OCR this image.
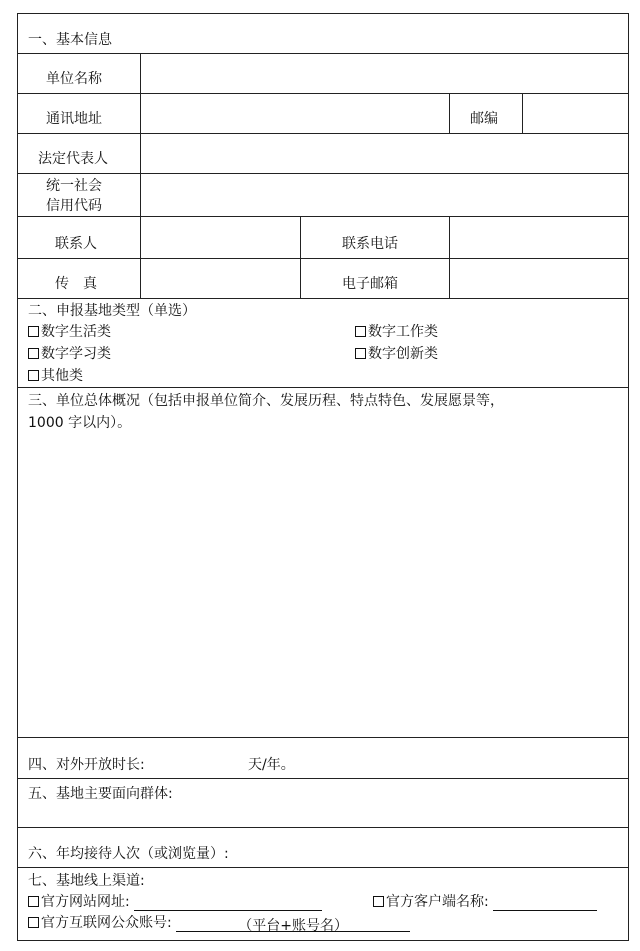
一、基本信息
单位名称
通讯地址	邮编
法定代表人
统一社会
信用代码
联系人	联系电话
传　真	电子邮箱
二、申报基地类型（单选）
数字生活类	数字工作类
数字学习类	数字创新类
其他类
三、单位总体概况（包括申报单位简介、发展历程、特点特色、发展愿景等，
1000 字以内）。
四、对外开放时长:	天/年。
五、基地主要面向群体:
六、年均接待人次（或浏览量）:
七、基地线上渠道:
官方网站网址:	官方客户端名称:
官方互联网公众账号:	（平台+账号名）
